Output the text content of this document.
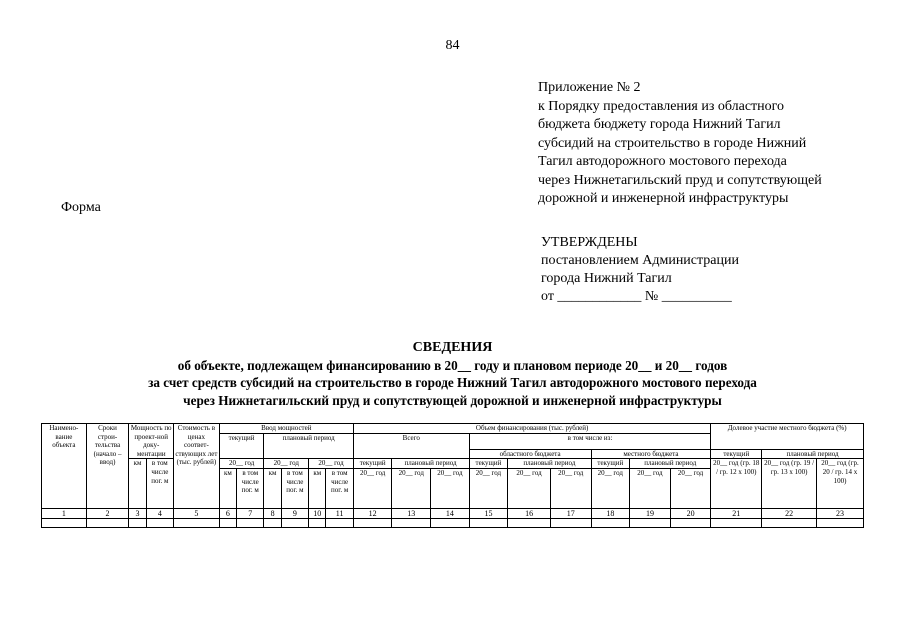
84
Приложение № 2
к Порядку предоставления из областного
бюджета бюджету города Нижний Тагил
субсидий на строительство в городе Нижний
Тагил автодорожного мостового перехода
через Нижнетагильский пруд и сопутствующей
дорожной и инженерной инфраструктуры
Форма
УТВЕРЖДЕНЫ
постановлением Администрации
города Нижний Тагил
от ____________ № __________
СВЕДЕНИЯ
об объекте, подлежащем финансированию в 20__ году и плановом периоде 20__ и 20__ годов
за счет средств субсидий на строительство в городе Нижний Тагил автодорожного мостового перехода
через Нижнетагильский пруд и сопутствующей дорожной и инженерной инфраструктуры
Наимено-вание объекта	Сроки строи-тельства (начало – ввод)	Мощность по проект-ной доку-ментации		Стоимость в ценах соответ-ствующих лет (тыс. рублей)	Ввод мощностей						Объем финансирования (тыс. рублей)									Долевое участие местного бюджета (%)		
					текущий		плановый период				Всего			в том числе из:								
														областного бюджета			местного бюджета			текущий	плановый период	
		км	в том числе пог. м		20__ год		20__ год		20__ год		текущий	плановый период		текущий	плановый период		текущий	плановый период		20__ год (гр. 18 / гр. 12 x 100)	20__ год (гр. 19 / гр. 13 x 100)	20__ год (гр. 20 / гр. 14 x 100)
					км	в том числе пог. м	км	в том числе пог. м	км	в том числе пог. м	20__ год	20__ год	20__ год	20__ год	20__ год	20__ год	20__ год	20__ год	20__ год			
1	2	3	4	5	6	7	8	9	10	11	12	13	14	15	16	17	18	19	20	21	22	23
